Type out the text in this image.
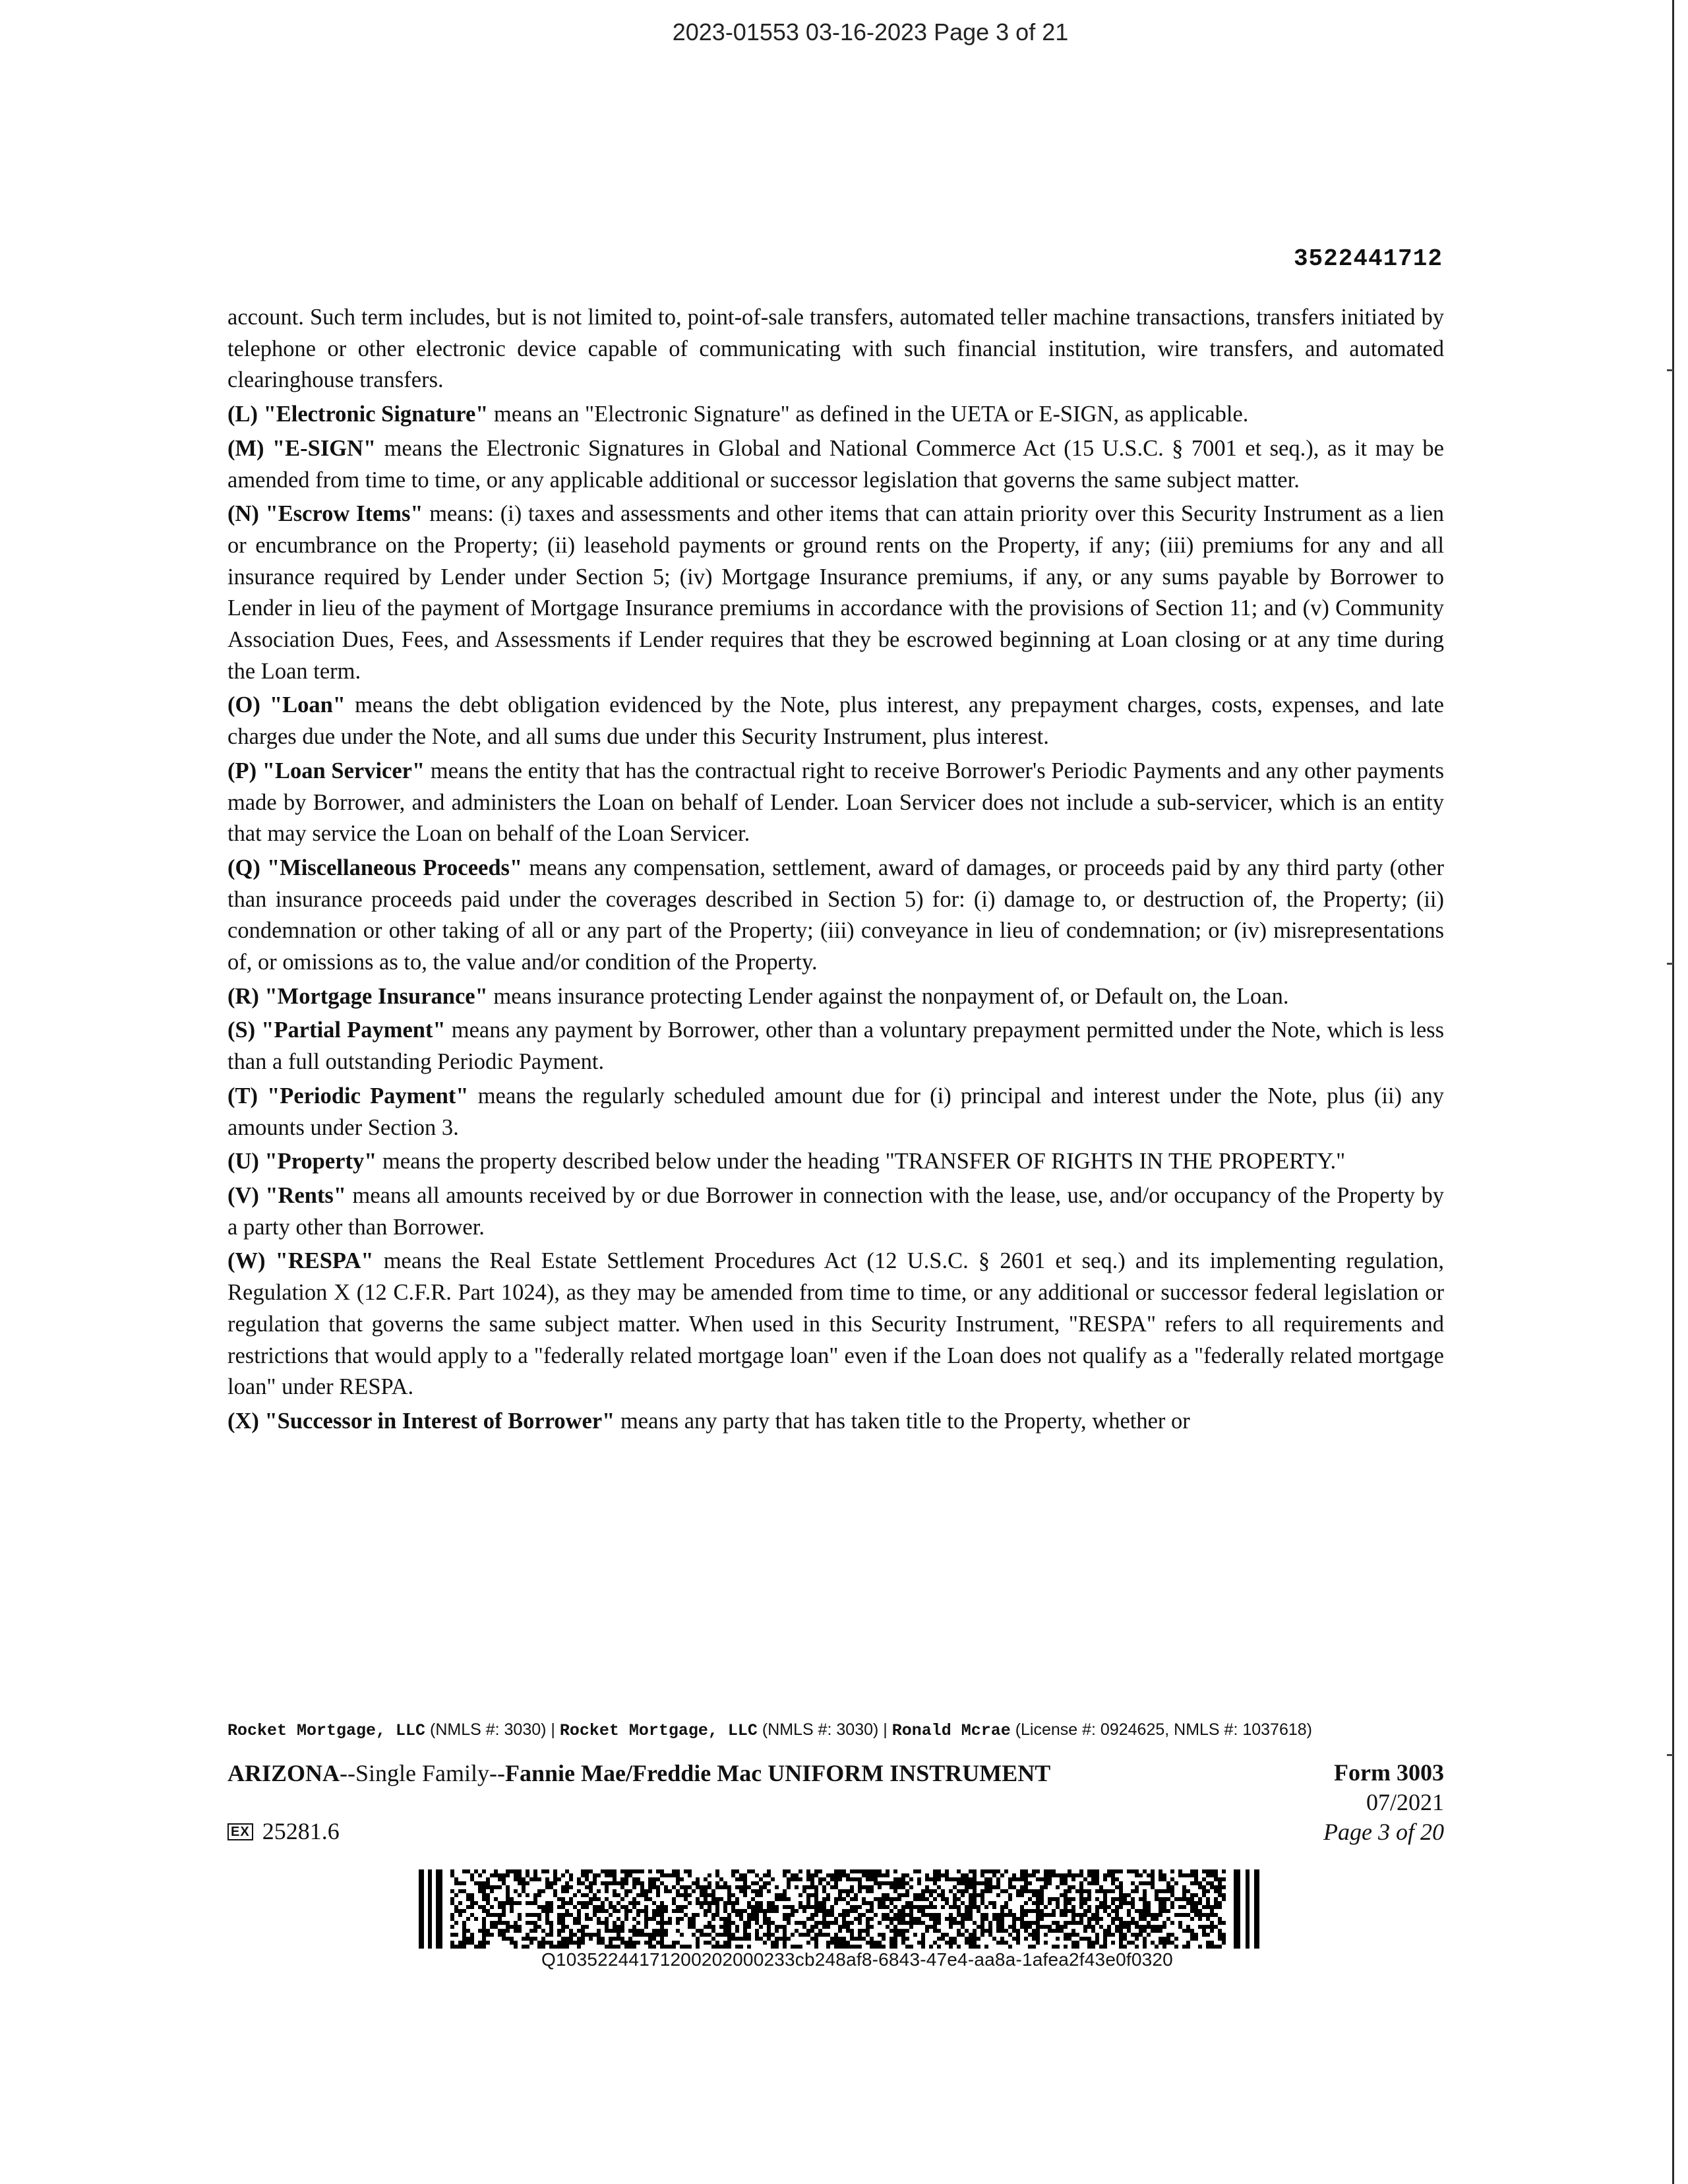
2023-01553 03-16-2023 Page 3 of 21
3522441712

account. Such term includes, but is not limited to, point-of-sale transfers, automated teller machine transactions, transfers initiated by telephone or other electronic device capable of communicating with such financial institution, wire transfers, and automated clearinghouse transfers.

(L) "Electronic Signature" means an "Electronic Signature" as defined in the UETA or E-SIGN, as applicable.

(M) "E-SIGN" means the Electronic Signatures in Global and National Commerce Act (15 U.S.C. § 7001 et seq.), as it may be amended from time to time, or any applicable additional or successor legislation that governs the same subject matter.

(N) "Escrow Items" means: (i) taxes and assessments and other items that can attain priority over this Security Instrument as a lien or encumbrance on the Property; (ii) leasehold payments or ground rents on the Property, if any; (iii) premiums for any and all insurance required by Lender under Section 5; (iv) Mortgage Insurance premiums, if any, or any sums payable by Borrower to Lender in lieu of the payment of Mortgage Insurance premiums in accordance with the provisions of Section 11; and (v) Community Association Dues, Fees, and Assessments if Lender requires that they be escrowed beginning at Loan closing or at any time during the Loan term.

(O) "Loan" means the debt obligation evidenced by the Note, plus interest, any prepayment charges, costs, expenses, and late charges due under the Note, and all sums due under this Security Instrument, plus interest.

(P) "Loan Servicer" means the entity that has the contractual right to receive Borrower's Periodic Payments and any other payments made by Borrower, and administers the Loan on behalf of Lender. Loan Servicer does not include a sub-servicer, which is an entity that may service the Loan on behalf of the Loan Servicer.

(Q) "Miscellaneous Proceeds" means any compensation, settlement, award of damages, or proceeds paid by any third party (other than insurance proceeds paid under the coverages described in Section 5) for: (i) damage to, or destruction of, the Property; (ii) condemnation or other taking of all or any part of the Property; (iii) conveyance in lieu of condemnation; or (iv) misrepresentations of, or omissions as to, the value and/or condition of the Property.

(R) "Mortgage Insurance" means insurance protecting Lender against the nonpayment of, or Default on, the Loan.

(S) "Partial Payment" means any payment by Borrower, other than a voluntary prepayment permitted under the Note, which is less than a full outstanding Periodic Payment.

(T) "Periodic Payment" means the regularly scheduled amount due for (i) principal and interest under the Note, plus (ii) any amounts under Section 3.

(U) "Property" means the property described below under the heading "TRANSFER OF RIGHTS IN THE PROPERTY."

(V) "Rents" means all amounts received by or due Borrower in connection with the lease, use, and/or occupancy of the Property by a party other than Borrower.

(W) "RESPA" means the Real Estate Settlement Procedures Act (12 U.S.C. § 2601 et seq.) and its implementing regulation, Regulation X (12 C.F.R. Part 1024), as they may be amended from time to time, or any additional or successor federal legislation or regulation that governs the same subject matter. When used in this Security Instrument, "RESPA" refers to all requirements and restrictions that would apply to a "federally related mortgage loan" even if the Loan does not qualify as a "federally related mortgage loan" under RESPA.

(X) "Successor in Interest of Borrower" means any party that has taken title to the Property, whether or

Rocket Mortgage, LLC (NMLS #: 3030) | Rocket Mortgage, LLC (NMLS #: 3030) | Ronald Mcrae (License #: 0924625, NMLS #: 1037618)
ARIZONA--Single Family--Fannie Mae/Freddie Mac UNIFORM INSTRUMENT	Form 3003
07/2021
Page 3 of 20
EX 25281.6
Q10352244171200202000233cb248af8-6843-47e4-aa8a-1afea2f43e0f0320
